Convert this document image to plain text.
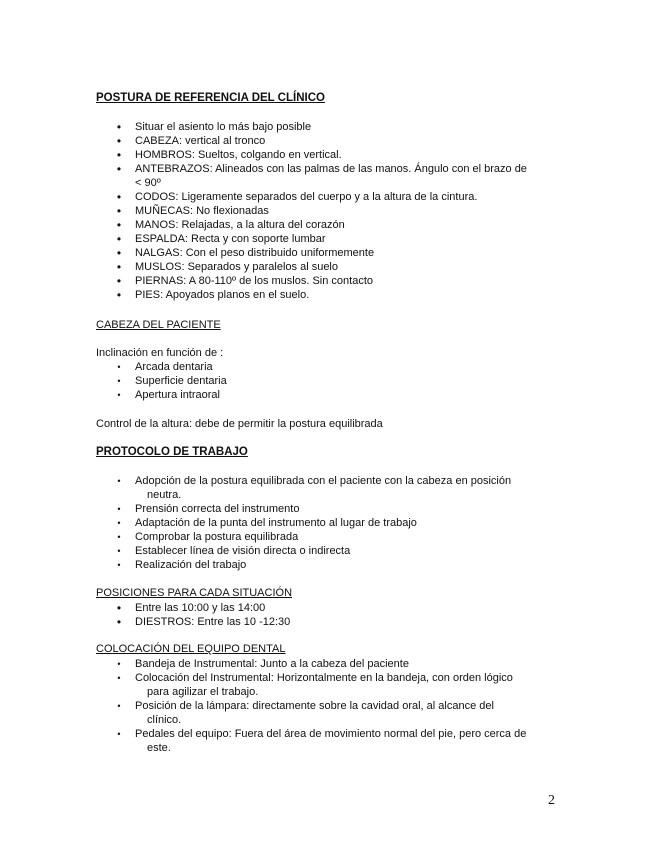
POSTURA DE REFERENCIA DEL CLÍNICO
•	Situar el asiento lo más bajo posible
•	CABEZA: vertical al tronco
•	HOMBROS: Sueltos, colgando en vertical.
•	ANTEBRAZOS: Alineados con las palmas de las manos. Ángulo con el brazo de
< 90º
•	CODOS: Ligeramente separados del cuerpo y a la altura de la cintura.
•	MUÑECAS: No flexionadas
•	MANOS: Relajadas, a la altura del corazón
•	ESPALDA: Recta y con soporte lumbar
•	NALGAS: Con el peso distribuido uniformemente
•	MUSLOS: Separados y paralelos al suelo
•	PIERNAS: A 80-110º de los muslos. Sin contacto
•	PIES: Apoyados planos en el suelo.
CABEZA DEL PACIENTE
Inclinación en función de :
•	Arcada dentaria
•	Superficie dentaria
•	Apertura intraoral
Control de la altura: debe de permitir la postura equilibrada
PROTOCOLO DE TRABAJO
•	Adopción de la postura equilibrada con el paciente con la cabeza en posición
neutra.
•	Prensión correcta del instrumento
•	Adaptación de la punta del instrumento al lugar de trabajo
•	Comprobar la postura equilibrada
•	Establecer línea de visión directa o indirecta
•	Realización del trabajo
POSICIONES PARA CADA SITUACIÓN
•	Entre las 10:00 y las 14:00
•	DIESTROS: Entre las 10 -12:30
COLOCACIÓN DEL EQUIPO DENTAL
•	Bandeja de Instrumental: Junto a la cabeza del paciente
•	Colocación del Instrumental: Horizontalmente en la bandeja, con orden lógico
para agilizar el trabajo.
•	Posición de la lámpara: directamente sobre la cavidad oral, al alcance del
clínico.
•	Pedales del equipo: Fuera del área de movimiento normal del pie, pero cerca de
este.
2
